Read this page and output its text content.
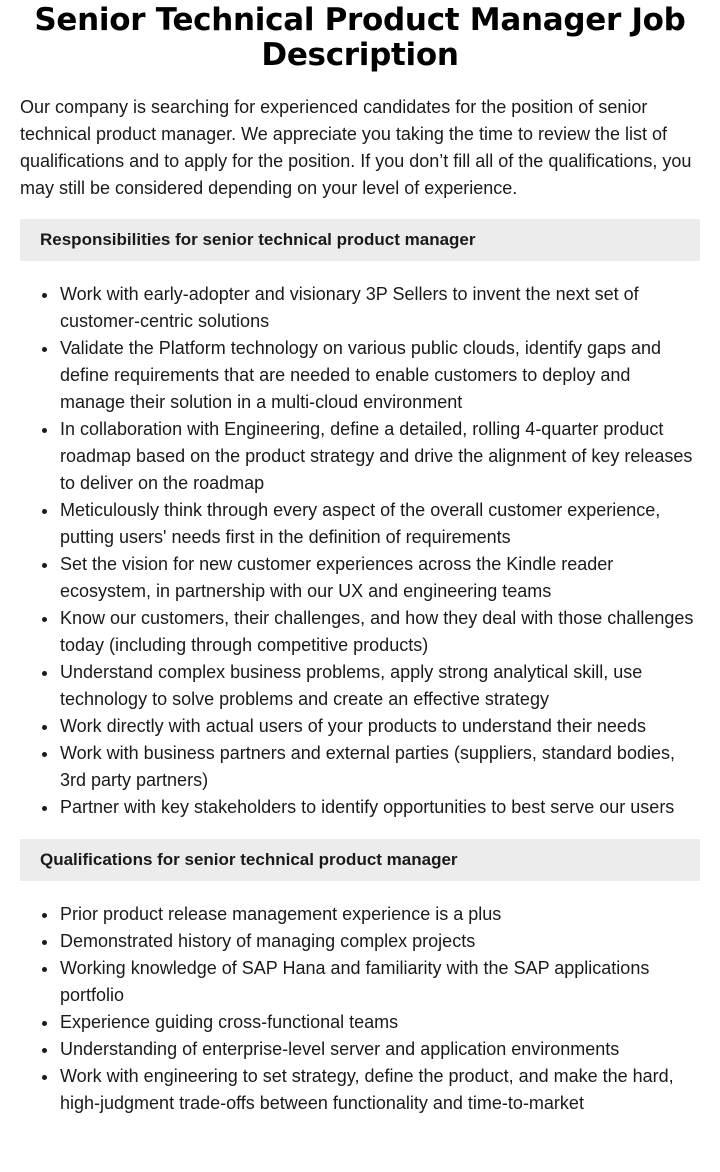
Senior Technical Product Manager Job Description

Our company is searching for experienced candidates for the position of senior technical product manager. We appreciate you taking the time to review the list of qualifications and to apply for the position. If you don’t fill all of the qualifications, you may still be considered depending on your level of experience.

Responsibilities for senior technical product manager
Work with early-adopter and visionary 3P Sellers to invent the next set of customer-centric solutions
Validate the Platform technology on various public clouds, identify gaps and define requirements that are needed to enable customers to deploy and manage their solution in a multi-cloud environment
In collaboration with Engineering, define a detailed, rolling 4-quarter product roadmap based on the product strategy and drive the alignment of key releases to deliver on the roadmap
Meticulously think through every aspect of the overall customer experience, putting users' needs first in the definition of requirements
Set the vision for new customer experiences across the Kindle reader ecosystem, in partnership with our UX and engineering teams
Know our customers, their challenges, and how they deal with those challenges today (including through competitive products)
Understand complex business problems, apply strong analytical skill, use technology to solve problems and create an effective strategy
Work directly with actual users of your products to understand their needs
Work with business partners and external parties (suppliers, standard bodies, 3rd party partners)
Partner with key stakeholders to identify opportunities to best serve our users
Qualifications for senior technical product manager
Prior product release management experience is a plus
Demonstrated history of managing complex projects
Working knowledge of SAP Hana and familiarity with the SAP applications portfolio
Experience guiding cross-functional teams
Understanding of enterprise-level server and application environments
Work with engineering to set strategy, define the product, and make the hard, high-judgment trade-offs between functionality and time-to-market
